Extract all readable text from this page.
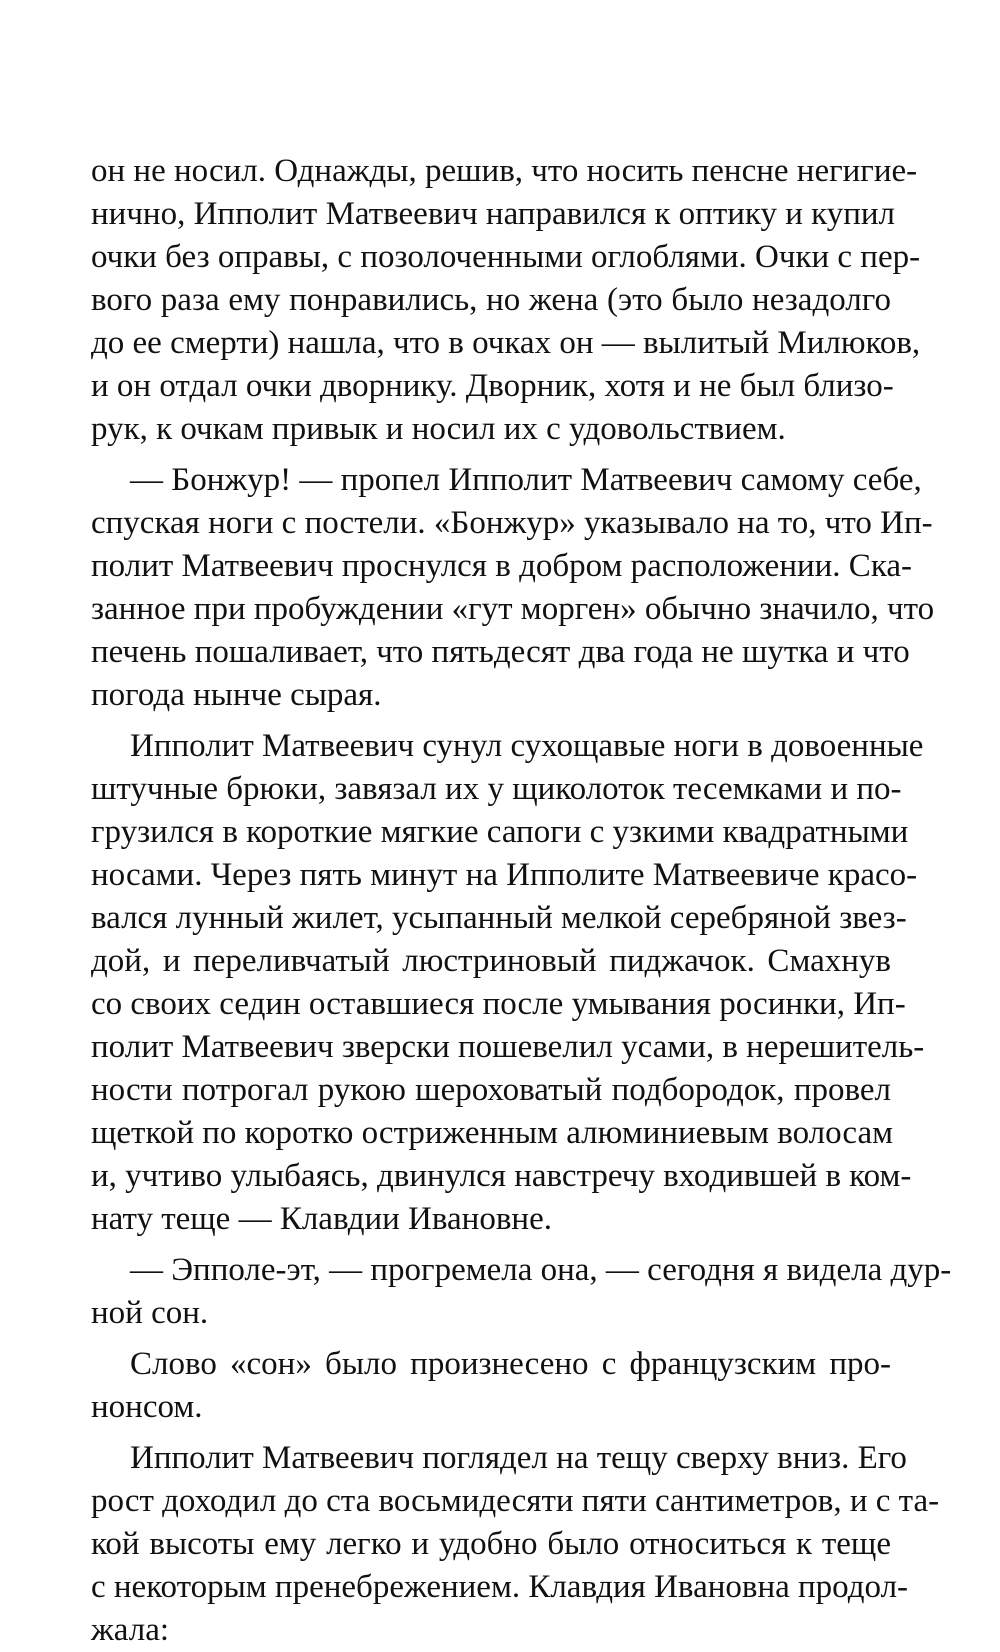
он не носил. Однажды, решив, что носить пенсне негигие-
нично, Ипполит Матвеевич направился к оптику и купил
очки без оправы, с позолоченными оглоблями. Очки с пер-
вого раза ему понравились, но жена (это было незадолго
до ее смерти) нашла, что в очках он — вылитый Милюков,
и он отдал очки дворнику. Дворник, хотя и не был близо-
рук, к очкам привык и носил их с удовольствием.
— Бонжур! — пропел Ипполит Матвеевич самому себе,
спуская ноги с постели. «Бонжур» указывало на то, что Ип-
полит Матвеевич проснулся в добром расположении. Ска-
занное при пробуждении «гут морген» обычно значило, что
печень пошаливает, что пятьдесят два года не шутка и что
погода нынче сырая.
Ипполит Матвеевич сунул сухощавые ноги в довоенные
штучные брюки, завязал их у щиколоток тесемками и по-
грузился в короткие мягкие сапоги с узкими квадратными
носами. Через пять минут на Ипполите Матвеевиче красо-
вался лунный жилет, усыпанный мелкой серебряной звез-
дой, и переливчатый люстриновый пиджачок. Смахнув
со своих седин оставшиеся после умывания росинки, Ип-
полит Матвеевич зверски пошевелил усами, в нерешитель-
ности потрогал рукою шероховатый подбородок, провел
щеткой по коротко остриженным алюминиевым волосам
и, учтиво улыбаясь, двинулся навстречу входившей в ком-
нату теще — Клавдии Ивановне.
— Эпполе-эт, — прогремела она, — сегодня я видела дур-
ной сон.
Слово «сон» было произнесено с французским про-
нонсом.
Ипполит Матвеевич поглядел на тещу сверху вниз. Его
рост доходил до ста восьмидесяти пяти сантиметров, и с та-
кой высоты ему легко и удобно было относиться к теще
с некоторым пренебрежением. Клавдия Ивановна продол-
жала:
